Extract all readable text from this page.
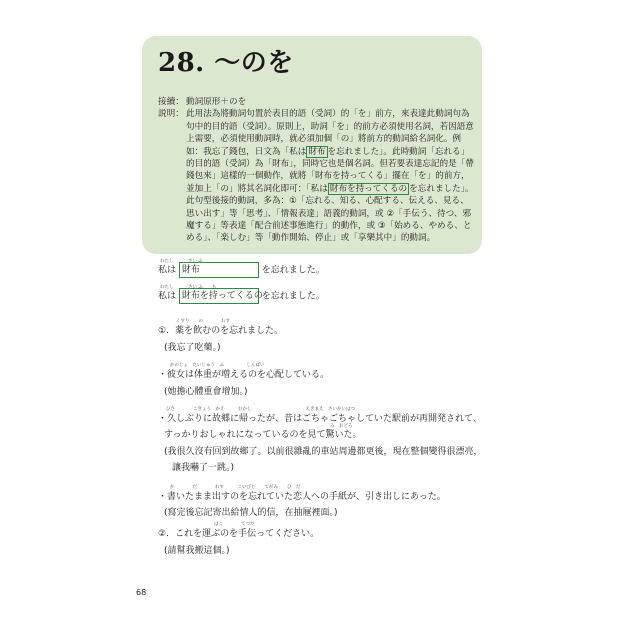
28. ～のを
接續： 動詞原形＋のを
説明： 此用法為將動詞句置於表目的語（受詞）的「を」前方，來表達此動詞句為句中的目的語（受詞）。原則上，助詞「を」的前方必須使用名詞，若因語意上需要，必須使用動詞時，就必須加個「の」將前方的動詞給名詞化。例如：我忘了錢包，日文為「私は 財布 を忘れました」。此時動詞「忘れる」的目的語（受詞）為「財布」，同時它也是個名詞。但若要表達忘記的是「帶錢包來」這樣的一個動作，就將「財布を持ってくる」擺在「を」的前方，並加上「の」將其名詞化即可：「私は 財布を持ってくるの を忘れました」。此句型後接的動詞，多為：①「忘れる、知る、心配する、伝える、見る、思い出す」等「思考」、「情報表達」語義的動詞，或 ②「手伝う、待つ、邪魔する」等表達「配合前述事態進行」的動作，或 ③「始める、やめる、とめる」、「楽しむ」等「動作開始、停止」或「享樂其中」的動詞。
わたし	さい ふ
私は 財布	を忘れました。
わたし	さい ふ　　も
私は 財布を持ってくるの を忘れました。
くすり　　の　　　　わす
①．薬を飲むのを忘れました。
(我忘了吃藥。)
かのじょ　たいじゅう　ふ　　　　　しんぱい
・彼女は体重が増えるのを心配している。
(她擔心體重會增加。)
ひさ　　　　こきょう　かえ　　　むかし　　　　　　　　　　　　えきまえ　さいかいはつ
・久しぶりに故郷に帰ったが、昔はごちゃごちゃしていた駅前が再開発されて、
み　おどろ
すっかりおしゃれになっているのを見て驚いた。
(我很久沒有回到故鄉了。以前很雜亂的車站周邊都更後，現在整個變得很漂亮，
讓我嚇了一跳。)
か　　　　だ　　　　わす　　　こいびと　　てがみ　　ひ　だ
・書いたまま出すのを忘れていた恋人への手紙が、引き出しにあった。
(寫完後忘記寄出給情人的信，在抽屜裡面。)
はこ　　　　てつだ
②．これを運ぶのを手伝ってください。
(請幫我搬這個。)
68
